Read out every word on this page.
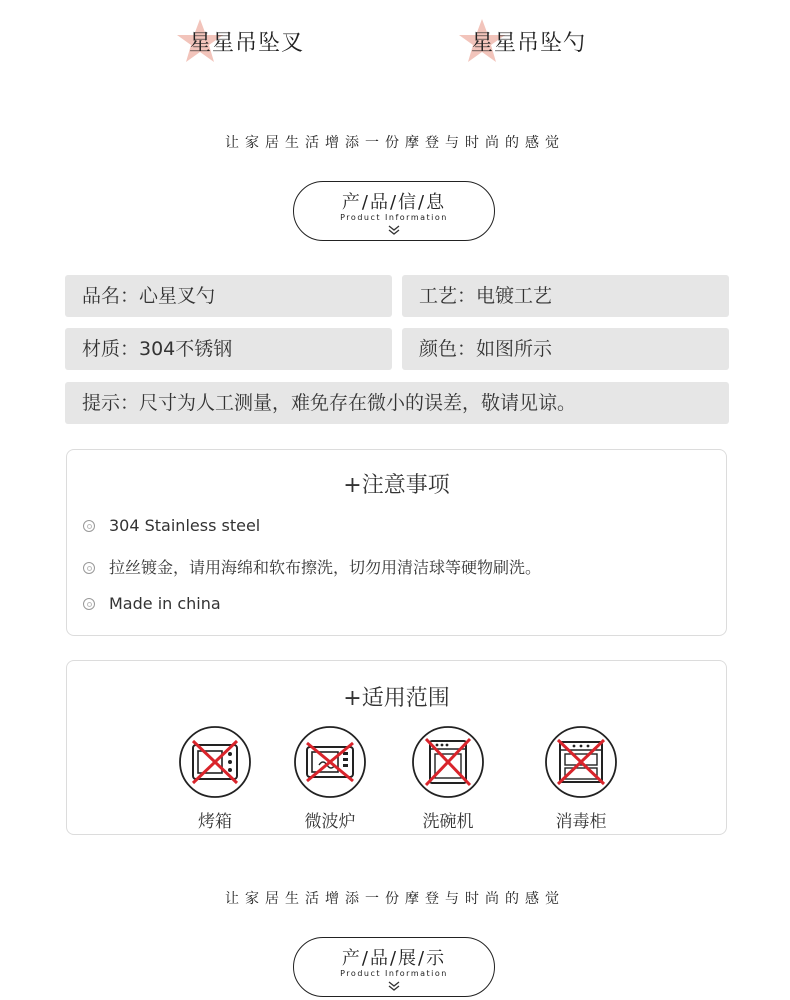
星星吊坠叉	星星吊坠勺
让家居生活增添一份摩登与时尚的感觉
产/品/信/息
Product Information
品名：心星叉勺	工艺：电镀工艺
材质：304不锈钢	颜色：如图所示
提示：尺寸为人工测量，难免存在微小的误差，敬请见谅。
+注意事项
304 Stainless steel
拉丝镀金，请用海绵和软布擦洗，切勿用清洁球等硬物刷洗。
Made in china
+适用范围
烤箱	微波炉	洗碗机	消毒柜
让家居生活增添一份摩登与时尚的感觉
产/品/展/示
Product Information
